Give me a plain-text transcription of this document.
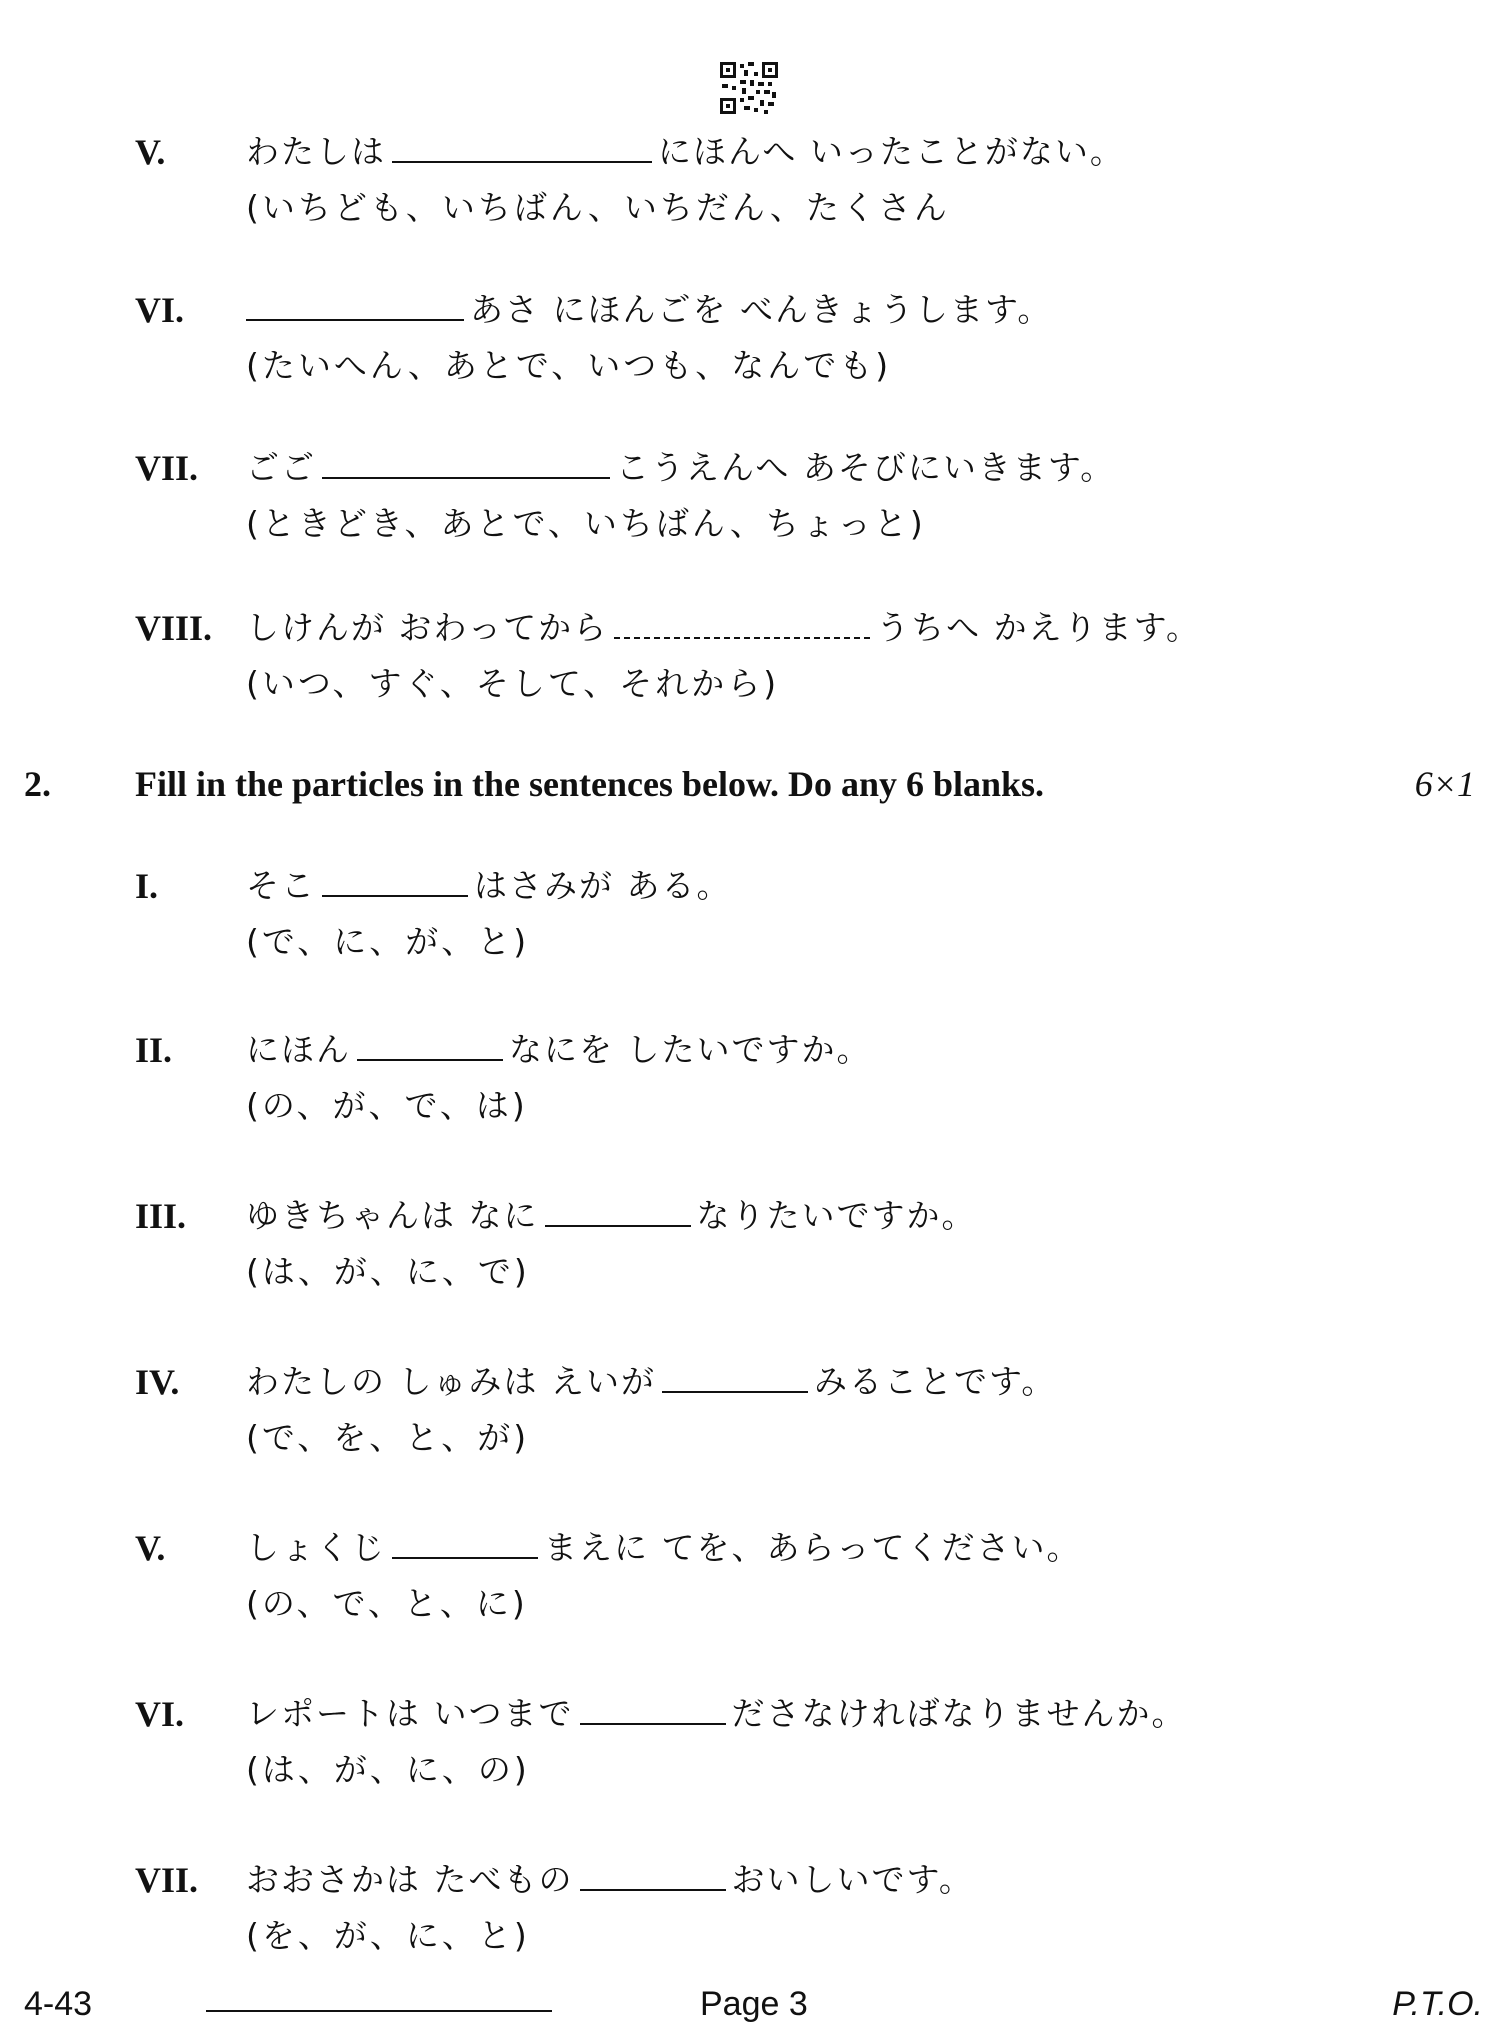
V. わたしは	にほんへ いったことがない。
(いちども、いちばん、いちだん、たくさん
VI.	あさ にほんごを べんきょうします。
(たいへん、あとで、いつも、なんでも)
VII. ごご	こうえんへ あそびにいきます。
(ときどき、あとで、いちばん、ちょっと)
VIII. しけんが おわってから	うちへ かえります。
(いつ、すぐ、そして、それから)
2. Fill in the particles in the sentences below. Do any 6 blanks.	6×1
I.	そこ	はさみが ある。
(で、に、が、と)
II. にほん	なにを したいですか。
(の、が、で、は)
III. ゆきちゃんは なに	なりたいですか。
(は、が、に、で)
IV. わたしの しゅみは えいが	みることです。
(で、を、と、が)
V. しょくじ	まえに てを、あらってください。
(の、で、と、に)
VI. レポートは いつまで	ださなければなりませんか。
(は、が、に、の)
VII. おおさかは たべもの	おいしいです。
(を、が、に、と)
4-43	Page 3	P.T.O.
